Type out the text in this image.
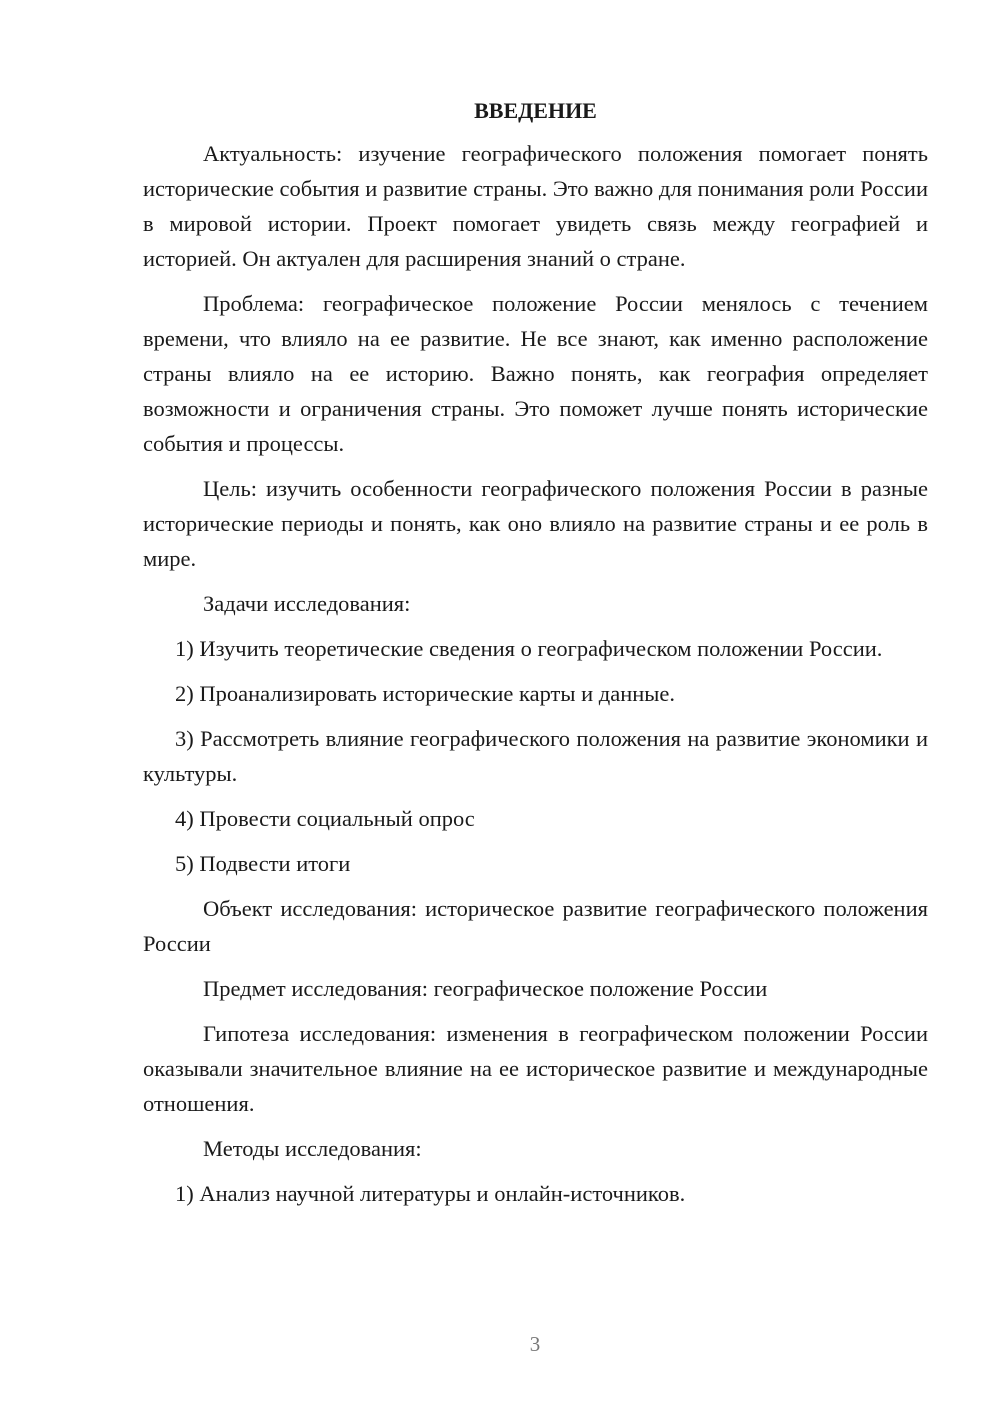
ВВЕДЕНИЕ

Актуальность: изучение географического положения помогает понять исторические события и развитие страны. Это важно для понимания роли России в мировой истории. Проект помогает увидеть связь между географией и историей. Он актуален для расширения знаний о стране.

Проблема: географическое положение России менялось с течением времени, что влияло на ее развитие. Не все знают, как именно расположение страны влияло на ее историю. Важно понять, как география определяет возможности и ограничения страны. Это поможет лучше понять исторические события и процессы.

Цель: изучить особенности географического положения России в разные исторические периоды и понять, как оно влияло на развитие страны и ее роль в мире.

Задачи исследования:

1) Изучить теоретические сведения о географическом положении России.

2) Проанализировать исторические карты и данные.

3) Рассмотреть влияние географического положения на развитие экономики и культуры.

4) Провести социальный опрос

5) Подвести итоги

Объект исследования: историческое развитие географического положения России

Предмет исследования: географическое положение России

Гипотеза исследования: изменения в географическом положении России оказывали значительное влияние на ее историческое развитие и международные отношения.

Методы исследования:

1) Анализ научной литературы и онлайн-источников.

3
